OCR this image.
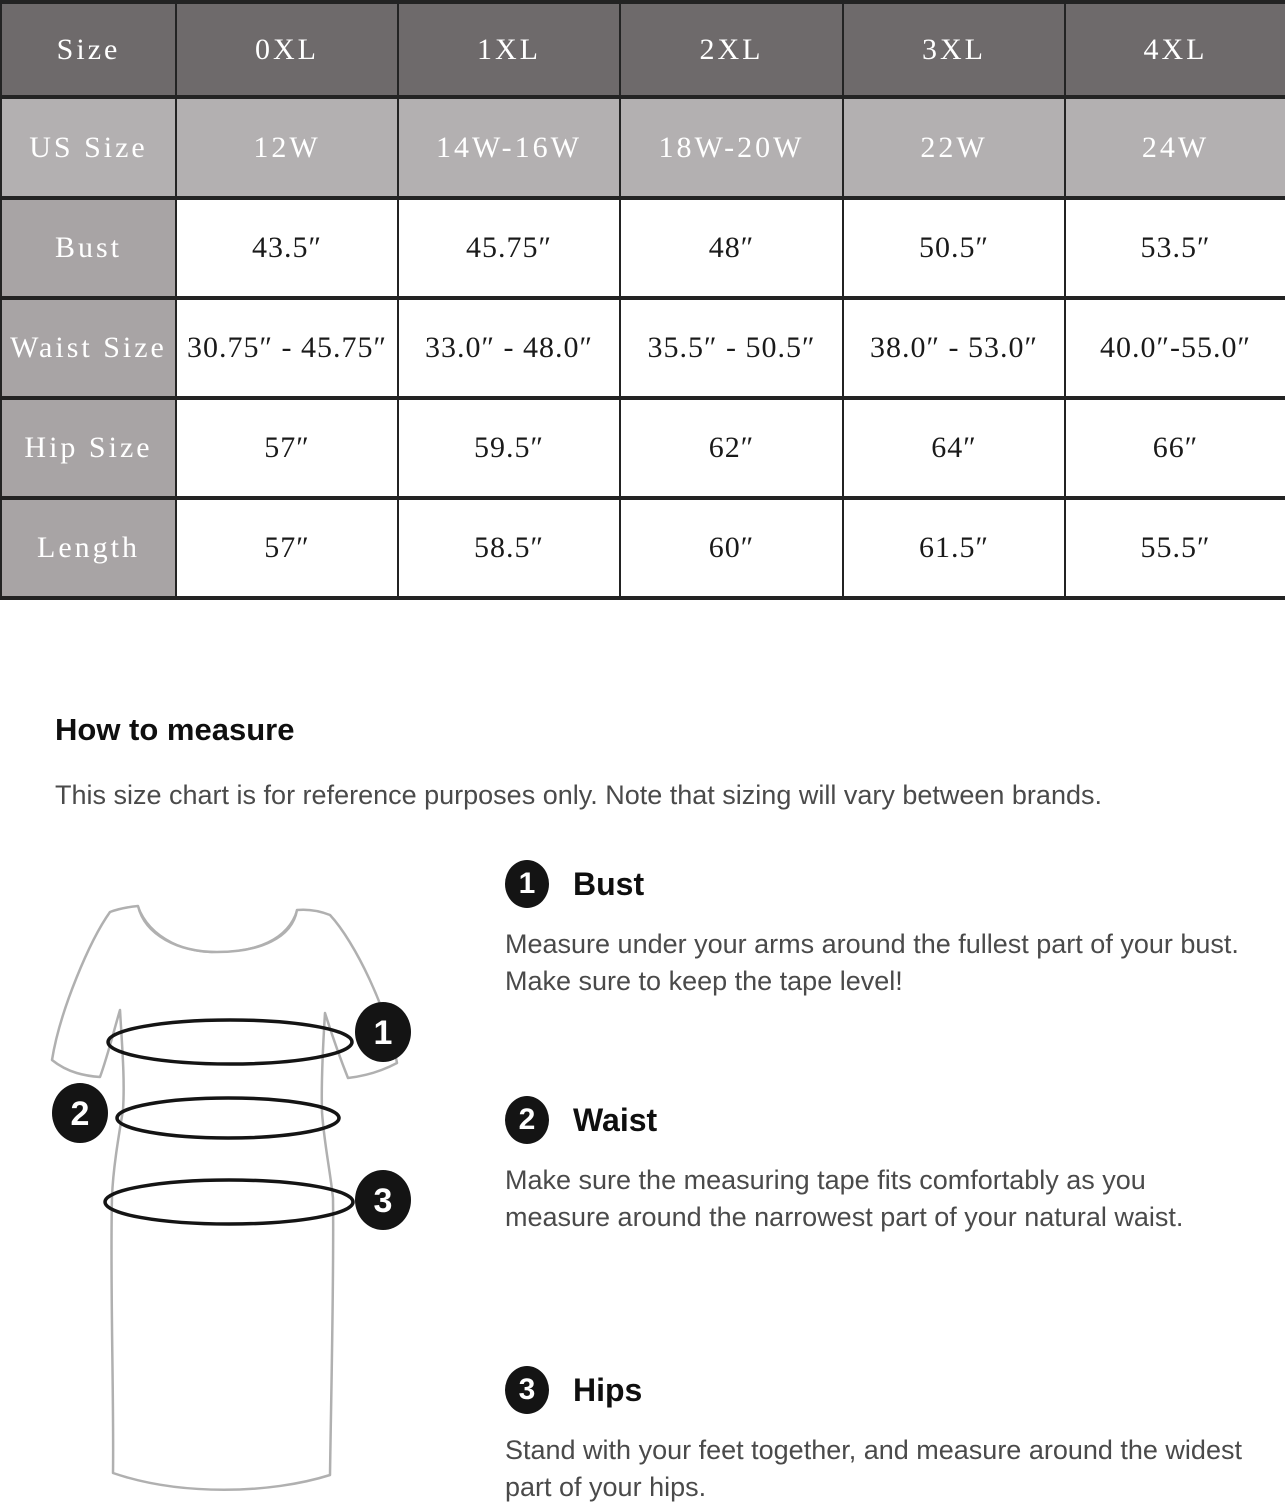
Size	0XL	1XL	2XL	3XL	4XL
US Size	12W	14W-16W	18W-20W	22W	24W
Bust	43.5″	45.75″	48″	50.5″	53.5″
Waist Size	30.75″ - 45.75″	33.0″ - 48.0″	35.5″ - 50.5″	38.0″ - 53.0″	40.0″-55.0″
Hip Size	57″	59.5″	62″	64″	66″
Length	57″	58.5″	60″	61.5″	55.5″
How to measure
This size chart is for reference purposes only. Note that sizing will vary between brands.
1
2
3
1	Bust
Measure under your arms around the fullest part of your bust. Make sure to keep the tape level!
2	Waist
Make sure the measuring tape fits comfortably as you measure around the narrowest part of your natural waist.
3	Hips
Stand with your feet together, and measure around the widest part of your hips.
